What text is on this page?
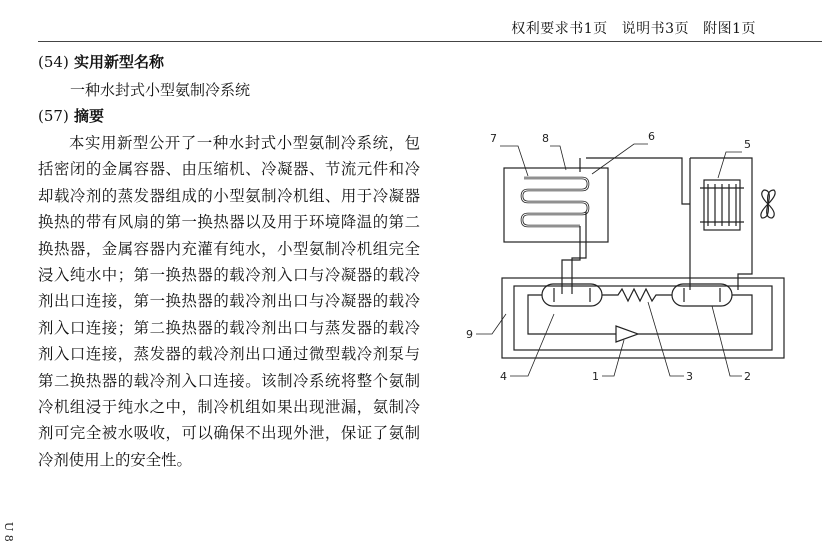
权利要求书1页 说明书3页 附图1页
(54) 实用新型名称
一种水封式小型氨制冷系统
(57) 摘要

本实用新型公开了一种水封式小型氨制冷系统，包括密闭的金属容器、由压缩机、冷凝器、节流元件和冷却载冷剂的蒸发器组成的小型氨制冷机组、用于冷凝器换热的带有风扇的第一换热器以及用于环境降温的第二换热器，金属容器内充灌有纯水，小型氨制冷机组完全浸入纯水中；第一换热器的载冷剂入口与冷凝器的载冷剂出口连接，第一换热器的载冷剂出口与冷凝器的载冷剂入口连接；第二换热器的载冷剂出口与蒸发器的载冷剂入口连接，蒸发器的载冷剂出口通过微型载冷剂泵与第二换热器的载冷剂入口连接。该制冷系统将整个氨制冷机组浸于纯水之中，制冷机组如果出现泄漏，氨制冷剂可完全被水吸收，可以确保不出现外泄，保证了氨制冷剂使用上的安全性。

U 8
7	8	6
5
9
4	1	3	2
